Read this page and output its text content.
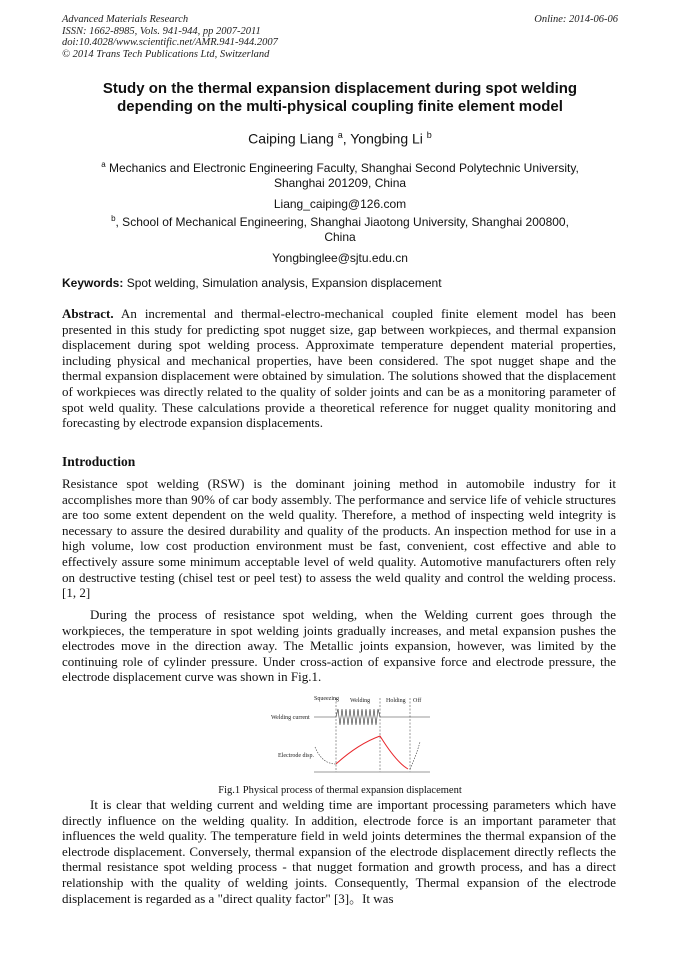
Advanced Materials Research
ISSN: 1662-8985, Vols. 941-944, pp 2007-2011
doi:10.4028/www.scientific.net/AMR.941-944.2007
© 2014 Trans Tech Publications Ltd, Switzerland
Online: 2014-06-06
Study on the thermal expansion displacement during spot welding
depending on the multi-physical coupling finite element model
Caiping Liang $^a$, Yongbing Li $^b$
$^a$ Mechanics and Electronic Engineering Faculty, Shanghai Second Polytechnic University,
Shanghai 201209, China
Liang_caiping@126.com
$^b$, School of Mechanical Engineering, Shanghai Jiaotong University, Shanghai 200800,
China
Yongbinglee@sjtu.edu.cn
Keywords: Spot welding, Simulation analysis, Expansion displacement
Abstract. An incremental and thermal-electro-mechanical coupled finite element model has been presented in this study for predicting spot nugget size, gap between workpieces, and thermal expansion displacement during spot welding process. Approximate temperature dependent material properties, including physical and mechanical properties, have been considered. The spot nugget shape and the thermal expansion displacement were obtained by simulation. The solutions showed that the displacement of workpieces was directly related to the quality of solder joints and can be as a monitoring parameter of spot weld quality. These calculations provide a theoretical reference for nugget quality monitoring and forecasting by electrode expansion displacements.
Introduction
Resistance spot welding (RSW) is the dominant joining method in automobile industry for it accomplishes more than 90% of car body assembly. The performance and service life of vehicle structures are too some extent dependent on the weld quality. Therefore, a method of inspecting weld integrity is necessary to assure the desired durability and quality of the products. An inspection method for use in a high volume, low cost production environment must be fast, convenient, cost effective and able to effectively assure some minimum acceptable level of weld quality. Automotive manufacturers often rely on destructive testing (chisel test or peel test) to assess the weld quality and control the welding process. [1, 2]
During the process of resistance spot welding, when the Welding current goes through the workpieces, the temperature in spot welding joints gradually increases, and metal expansion pushes the electrodes move in the direction away. The Metallic joints expansion, however, was limited by the continuing role of cylinder pressure. Under cross-action of expansive force and electrode pressure, the electrode displacement curve was shown in Fig.1.
Squeezing Welding	Holding Off
Welding current
Electrode disp.
Fig.1 Physical process of thermal expansion displacement
It is clear that welding current and welding time are important processing parameters which have directly influence on the welding quality. In addition, electrode force is an important parameter that influences the weld quality. The temperature field in weld joints determines the thermal expansion of the electrode displacement. Conversely, thermal expansion of the electrode displacement directly reflects the thermal resistance spot welding process - that nugget formation and growth process, and has a direct relationship with the quality of welding joints. Consequently, Thermal expansion of the electrode displacement is regarded as a "direct quality factor" [3]。It was
